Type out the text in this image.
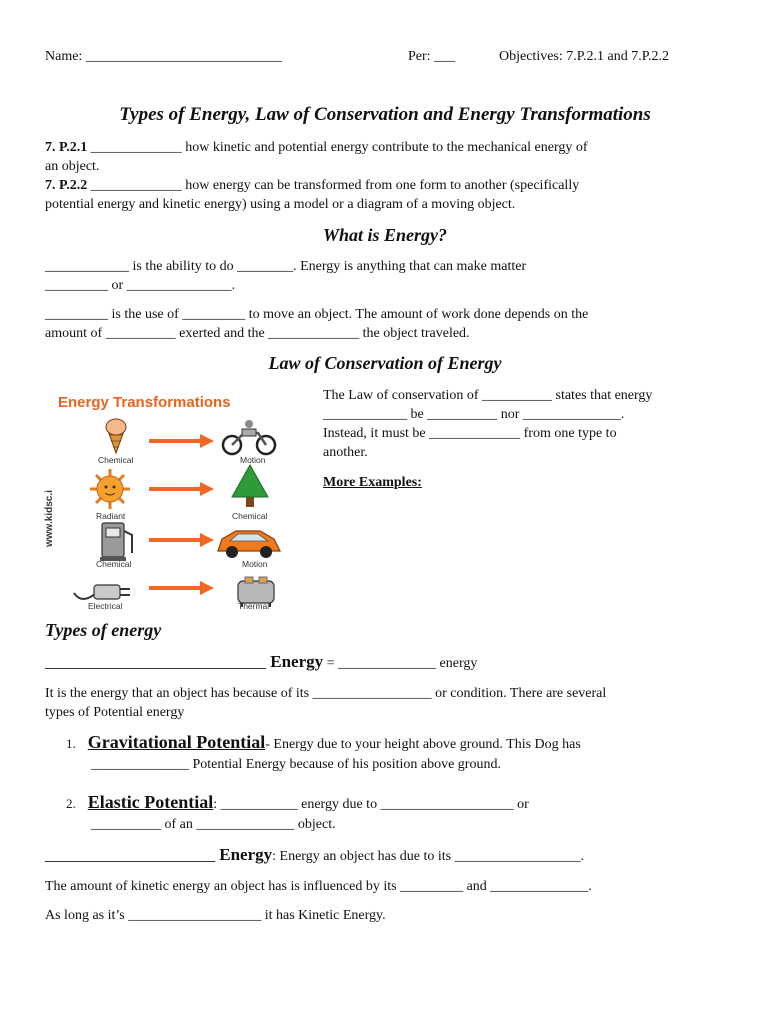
Name: ____________________________	Per: ___	Objectives: 7.P.2.1 and 7.P.2.2
Types of Energy, Law of Conservation and Energy Transformations
7. P.2.1 _____________ how kinetic and potential energy contribute to the mechanical energy of
an object.
7. P.2.2 _____________ how energy can be transformed from one form to another (specifically
potential energy and kinetic energy) using a model or a diagram of a moving object.
What is Energy?
____________ is the ability to do ________. Energy is anything that can make matter
_________ or _______________.
_________ is the use of _________ to move an object. The amount of work done depends on the
amount of __________ exerted and the _____________ the object traveled.
Law of Conservation of Energy
The Law of conservation of __________ states that energy
____________ be __________ nor ______________.
Instead, it must be _____________ from one type to
another.
More Examples:
Energy Transformations
www.kidsc.i
Chemical	Motion
Radiant	Chemical
Chemical	Motion
Electrical	Thermal
Types of energy
__________________________ Energy = ______________ energy
It is the energy that an object has because of its _________________ or condition. There are several
types of Potential energy
1. Gravitational Potential- Energy due to your height above ground. This Dog has
______________ Potential Energy because of his position above ground.
2. Elastic Potential: ___________ energy due to ___________________ or
__________ of an ______________ object.
____________________ Energy: Energy an object has due to its __________________.
The amount of kinetic energy an object has is influenced by its _________ and ______________.
As long as it’s ___________________ it has Kinetic Energy.
